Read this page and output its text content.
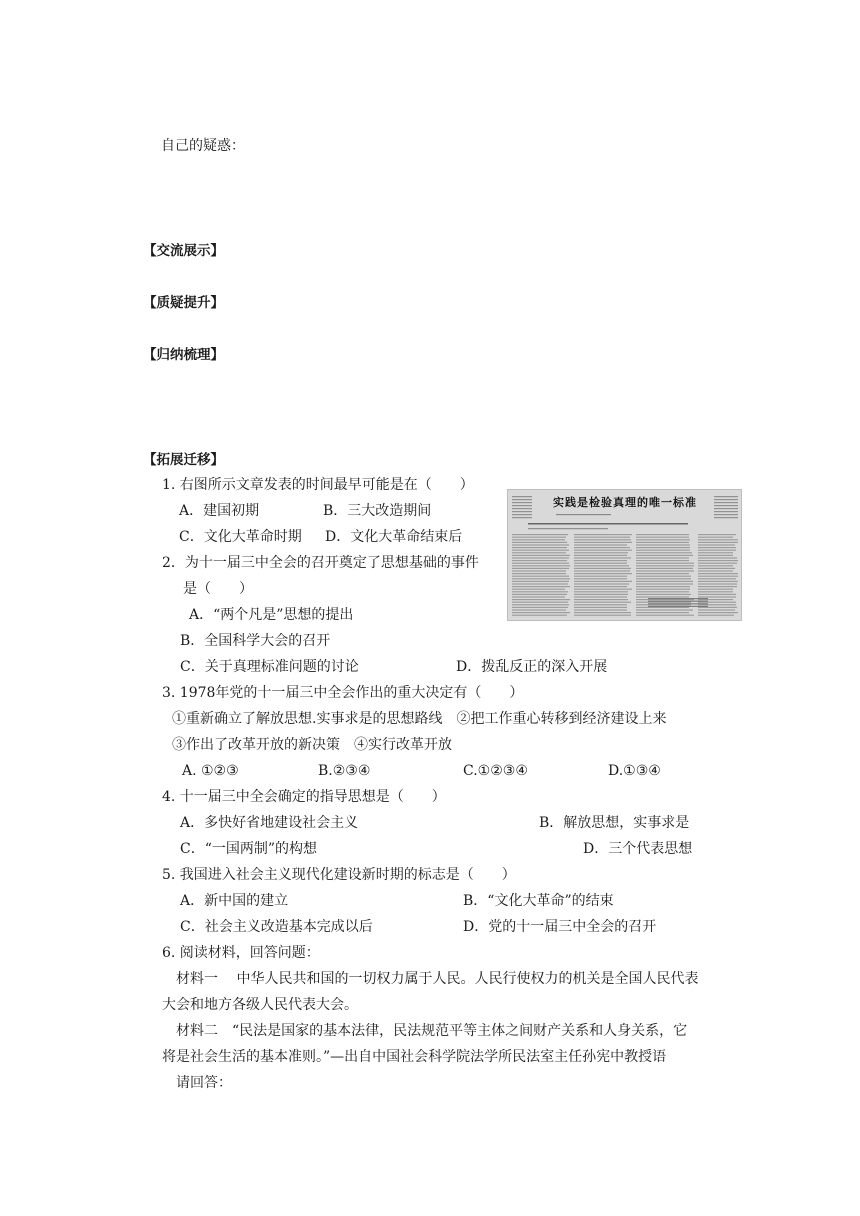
自己的疑惑：
【交流展示】
【质疑提升】
【归纳梳理】
【拓展迁移】
1. 右图所示文章发表的时间最早可能是在（　　）
A．建国初期	B．三大改造期间
C．文化大革命时期 D．文化大革命结束后
实践是检验真理的唯一标准
2．为十一届三中全会的召开奠定了思想基础的事件
是（　　）
A．“两个凡是”思想的提出
B．全国科学大会的召开
C．关于真理标准问题的讨论	D．拨乱反正的深入开展
3. 1978年党的十一届三中全会作出的重大决定有（　　）
①重新确立了解放思想.实事求是的思想路线　②把工作重心转移到经济建设上来
③作出了改革开放的新决策　④实行改革开放
A. ①②③	B.②③④	C.①②③④	D.①③④
4. 十一届三中全会确定的指导思想是（　　）
A．多快好省地建设社会主义	B．解放思想，实事求是
C．“一国两制”的构想	D．三个代表思想
5. 我国进入社会主义现代化建设新时期的标志是（　　）
A．新中国的建立	B．“文化大革命”的结束
C．社会主义改造基本完成以后	D．党的十一届三中全会的召开
6. 阅读材料，回答问题：
材料一　 中华人民共和国的一切权力属于人民。人民行使权力的机关是全国人民代表
大会和地方各级人民代表大会。
材料二　“民法是国家的基本法律，民法规范平等主体之间财产关系和人身关系，它
将是社会生活的基本准则。”—出自中国社会科学院法学所民法室主任孙宪中教授语
请回答：
